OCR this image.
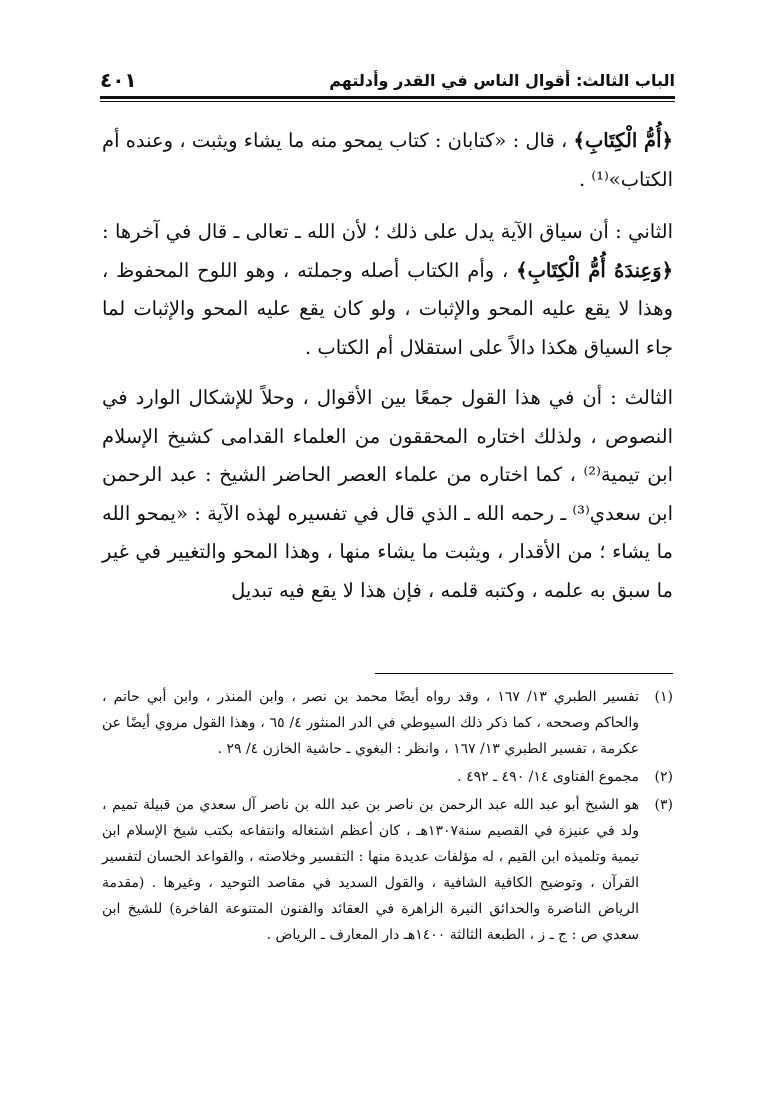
الباب الثالث: أقوال الناس في القدر وأدلتهم
٤٠١

﴿أُمُّ الْكِتَابِ﴾ ، قال : «كتابان : كتاب يمحو منه ما يشاء ويثبت ، وعنده أم الكتاب»⁽¹⁾ .

الثاني : أن سياق الآية يدل على ذلك ؛ لأن الله ـ تعالى ـ قال في آخرها : ﴿وَعِندَهُ أُمُّ الْكِتَابِ﴾ ، وأم الكتاب أصله وجملته ، وهو اللوح المحفوظ ، وهذا لا يقع عليه المحو والإثبات ، ولو كان يقع عليه المحو والإثبات لما جاء السياق هكذا دالاً على استقلال أم الكتاب .

الثالث : أن في هذا القول جمعًا بين الأقوال ، وحلاً للإشكال الوارد في النصوص ، ولذلك اختاره المحققون من العلماء القدامى كشيخ الإسلام ابن تيمية⁽²⁾ ، كما اختاره من علماء العصر الحاضر الشيخ : عبد الرحمن ابن سعدي⁽³⁾ ـ رحمه الله ـ الذي قال في تفسيره لهذه الآية : «يمحو الله ما يشاء ؛ من الأقدار ، ويثبت ما يشاء منها ، وهذا المحو والتغيير في غير ما سبق به علمه ، وكتبه قلمه ، فإن هذا لا يقع فيه تبديل

(١)
تفسير الطبري ١٣/ ١٦٧ ، وقد رواه أيضًا محمد بن نصر ، وابن المنذر ، وابن أبي حاتم ، والحاكم وصححه ، كما ذكر ذلك السيوطي في الدر المنثور ٤/ ٦٥ ، وهذا القول مروي أيضًا عن عكرمة ، تفسير الطبري ١٣/ ١٦٧ ، وانظر : البغوي ـ حاشية الخازن ٤/ ٢٩ .
(٢)
مجموع الفتاوى ١٤/ ٤٩٠ ـ ٤٩٢ .
(٣)
هو الشيخ أبو عبد الله عبد الرحمن بن ناصر بن عبد الله بن ناصر آل سعدي من قبيلة تميم ، ولد في عنيزة في القصيم سنة١٣٠٧هـ ، كان أعظم اشتغاله وانتفاعه بكتب شيخ الإسلام ابن تيمية وتلميذه ابن القيم ، له مؤلفات عديدة منها : التفسير وخلاصته ، والقواعد الحسان لتفسير القرآن ، وتوضيح الكافية الشافية ، والقول السديد في مقاصد التوحيد ، وغيرها . (مقدمة الرياض الناضرة والحدائق النيرة الزاهرة في العقائد والفنون المتنوعة الفاخرة) للشيخ ابن سعدي ص : ج ـ ز ، الطبعة الثالثة ١٤٠٠هـ دار المعارف ـ الرياض .
